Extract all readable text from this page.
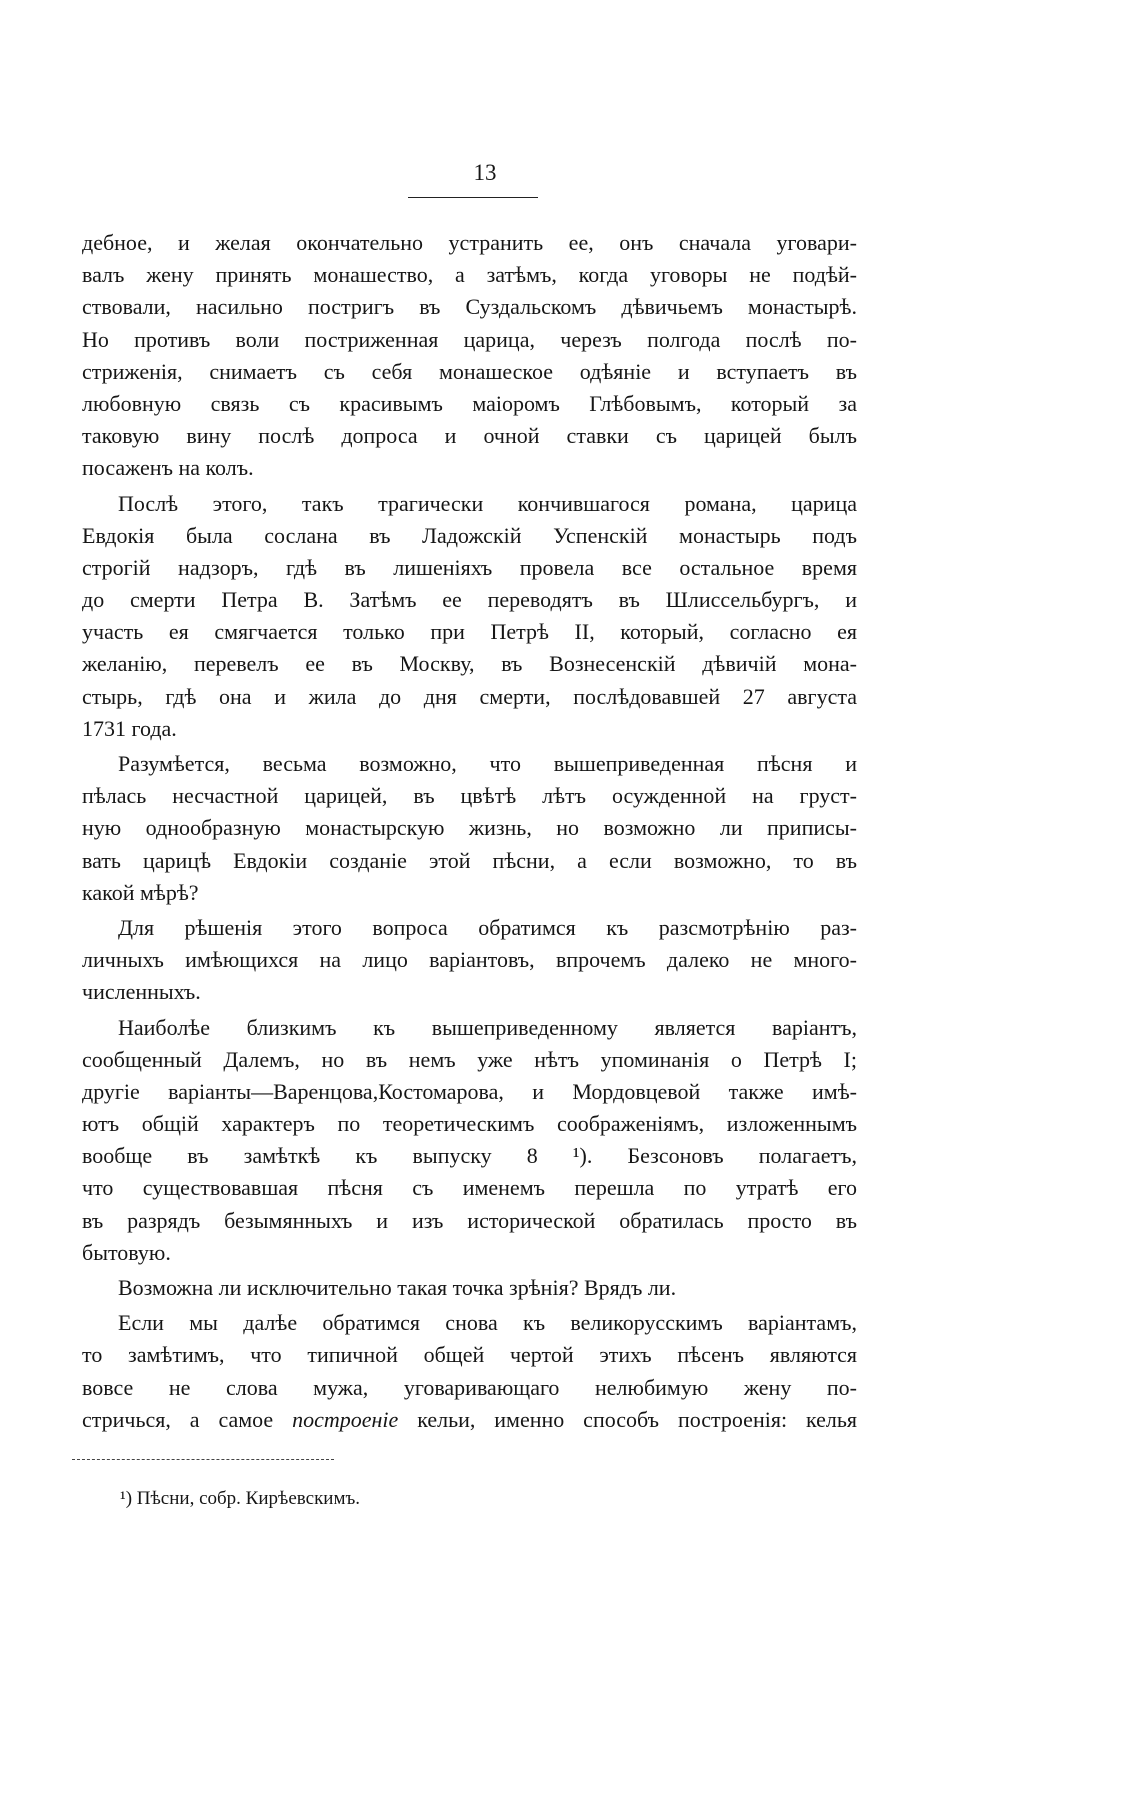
13
дебное, и желая окончательно устранить ее, онъ сначала уговари-
валъ жену принять монашество, а затѣмъ, когда уговоры не подѣй-
ствовали, насильно постригъ въ Суздальскомъ дѣвичьемъ монастырѣ.
Но противъ воли постриженная царица, черезъ полгода послѣ по-
стриженія, снимаетъ съ себя монашеское одѣяніе и вступаетъ въ
любовную связь съ красивымъ маіоромъ Глѣбовымъ, который за
таковую вину послѣ допроса и очной ставки съ царицей былъ
посаженъ на колъ.
Послѣ этого, такъ трагически кончившагося романа, царица
Евдокія была сослана въ Ладожскій Успенскій монастырь подъ
строгій надзоръ, гдѣ въ лишеніяхъ провела все остальное время
до смерти Петра В. Затѣмъ ее переводятъ въ Шлиссельбургъ, и
участь ея смягчается только при Петрѣ II, который, согласно ея
желанію, перевелъ ее въ Москву, въ Вознесенскій дѣвичій мона-
стырь, гдѣ она и жила до дня смерти, послѣдовавшей 27 августа
1731 года.
Разумѣется, весьма возможно, что вышеприведенная пѣсня и
пѣлась несчастной царицей, въ цвѣтѣ лѣтъ осужденной на груст-
ную однообразную монастырскую жизнь, но возможно ли приписы-
вать царицѣ Евдокіи созданіе этой пѣсни, а если возможно, то въ
какой мѣрѣ?
Для рѣшенія этого вопроса обратимся къ разсмотрѣнію раз-
личныхъ имѣющихся на лицо варіантовъ, впрочемъ далеко не много-
численныхъ.
Наиболѣе близкимъ къ вышеприведенному является варіантъ,
сообщенный Далемъ, но въ немъ уже нѣтъ упоминанія о Петрѣ I;
другіе варіанты—Варенцова,Костомарова, и Мордовцевой также имѣ-
ютъ общій характеръ по теоретическимъ соображеніямъ, изложеннымъ
вообще въ замѣткѣ къ выпуску 8 ¹). Безсоновъ полагаетъ,
что существовавшая пѣсня съ именемъ перешла по утратѣ его
въ разрядъ безымянныхъ и изъ исторической обратилась просто въ
бытовую.
Возможна ли исключительно такая точка зрѣнія? Врядъ ли.
Если мы далѣе обратимся снова къ великорусскимъ варіантамъ,
то замѣтимъ, что типичной общей чертой этихъ пѣсенъ являются
вовсе не слова мужа, уговаривающаго нелюбимую жену по-
стричься, а самое построеніе кельи, именно способъ построенія: келья
¹) Пѣсни, собр. Кирѣевскимъ.
